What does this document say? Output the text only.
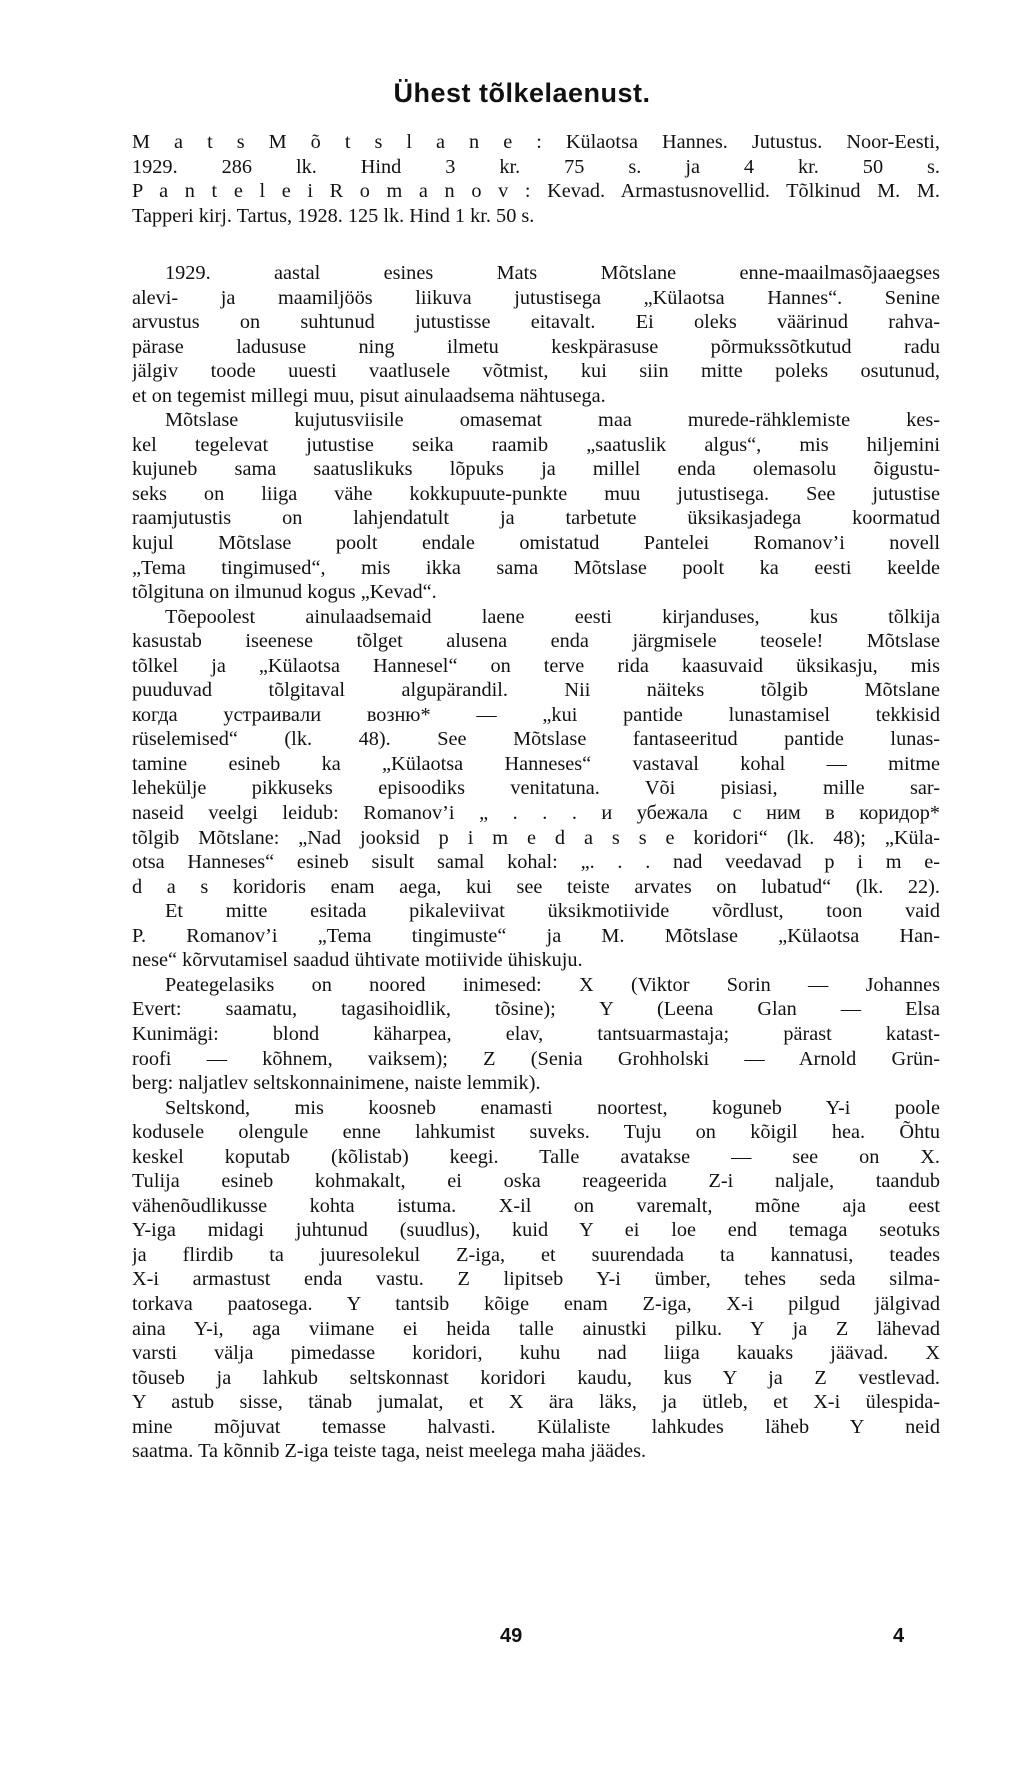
Ühest tõlkelaenust.
M a t s M õ t s l a n e : Külaotsa Hannes. Jutustus. Noor-Eesti,
1929. 286 lk. Hind 3 kr. 75 s. ja 4 kr. 50 s.
P a n t e l e i R o m a n o v : Kevad. Armastusnovellid. Tõlkinud M. M.
Tapperi kirj. Tartus, 1928. 125 lk. Hind 1 kr. 50 s.
1929. aastal esines Mats Mõtslane enne-maailmasõjaaegses
alevi- ja maamiljöös liikuva jutustisega „Külaotsa Hannes“. Senine
arvustus on suhtunud jutustisse eitavalt. Ei oleks väärinud rahva-
pärase ladususe ning ilmetu keskpärasuse põrmukssõtkutud radu
jälgiv toode uuesti vaatlusele võtmist, kui siin mitte poleks osutunud,
et on tegemist millegi muu, pisut ainulaadsema nähtusega.
Mõtslase kujutusviisile omasemat maa murede-rähklemiste kes-
kel tegelevat jutustise seika raamib „saatuslik algus“, mis hiljemini
kujuneb sama saatuslikuks lõpuks ja millel enda olemasolu õigustu-
seks on liiga vähe kokkupuute-punkte muu jutustisega. See jutustise
raamjutustis on lahjendatult ja tarbetute üksikasjadega koormatud
kujul Mõtslase poolt endale omistatud Pantelei Romanov’i novell
„Tema tingimused“, mis ikka sama Mõtslase poolt ka eesti keelde
tõlgituna on ilmunud kogus „Kevad“.
Tõepoolest ainulaadsemaid laene eesti kirjanduses, kus tõlkija
kasustab iseenese tõlget alusena enda järgmisele teosele! Mõtslase
tõlkel ja „Külaotsa Hannesel“ on terve rida kaasuvaid üksikasju, mis
puuduvad tõlgitaval algupärandil. Nii näiteks tõlgib Mõtslane
когда устраивали возню* — „kui pantide lunastamisel tekkisid
rüselemised“ (lk. 48). See Mõtslase fantaseeritud pantide lunas-
tamine esineb ka „Külaotsa Hanneses“ vastaval kohal — mitme
lehekülje pikkuseks episoodiks venitatuna. Või pisiasi, mille sar-
naseid veelgi leidub: Romanov’i „ . . . и убежала с ним в коридор*
tõlgib Mõtslane: „Nad jooksid p i m e d a s s e koridori“ (lk. 48); „Küla-
otsa Hanneses“ esineb sisult samal kohal: „. . . nad veedavad p i m e-
d a s koridoris enam aega, kui see teiste arvates on lubatud“ (lk. 22).
Et mitte esitada pikaleviivat üksikmotiivide võrdlust, toon vaid
P. Romanov’i „Tema tingimuste“ ja M. Mõtslase „Külaotsa Han-
nese“ kõrvutamisel saadud ühtivate motiivide ühiskuju.
Peategelasiks on noored inimesed: X (Viktor Sorin — Johannes
Evert: saamatu, tagasihoidlik, tõsine); Y (Leena Glan — Elsa
Kunimägi: blond käharpea, elav, tantsuarmastaja; pärast katast-
roofi — kõhnem, vaiksem); Z (Senia Grohholski — Arnold Grün-
berg: naljatlev seltskonnainimene, naiste lemmik).
Seltskond, mis koosneb enamasti noortest, koguneb Y-i poole
kodusele olengule enne lahkumist suveks. Tuju on kõigil hea. Õhtu
keskel koputab (kõlistab) keegi. Talle avatakse — see on X.
Tulija esineb kohmakalt, ei oska reageerida Z-i naljale, taandub
vähenõudlikusse kohta istuma. X-il on varemalt, mõne aja eest
Y-iga midagi juhtunud (suudlus), kuid Y ei loe end temaga seotuks
ja flirdib ta juuresolekul Z-iga, et suurendada ta kannatusi, teades
X-i armastust enda vastu. Z lipitseb Y-i ümber, tehes seda silma-
torkava paatosega. Y tantsib kõige enam Z-iga, X-i pilgud jälgivad
aina Y-i, aga viimane ei heida talle ainustki pilku. Y ja Z lähevad
varsti välja pimedasse koridori, kuhu nad liiga kauaks jäävad. X
tõuseb ja lahkub seltskonnast koridori kaudu, kus Y ja Z vestlevad.
Y astub sisse, tänab jumalat, et X ära läks, ja ütleb, et X-i ülespida-
mine mõjuvat temasse halvasti. Külaliste lahkudes läheb Y neid
saatma. Ta kõnnib Z-iga teiste taga, neist meelega maha jäädes.
49	4
